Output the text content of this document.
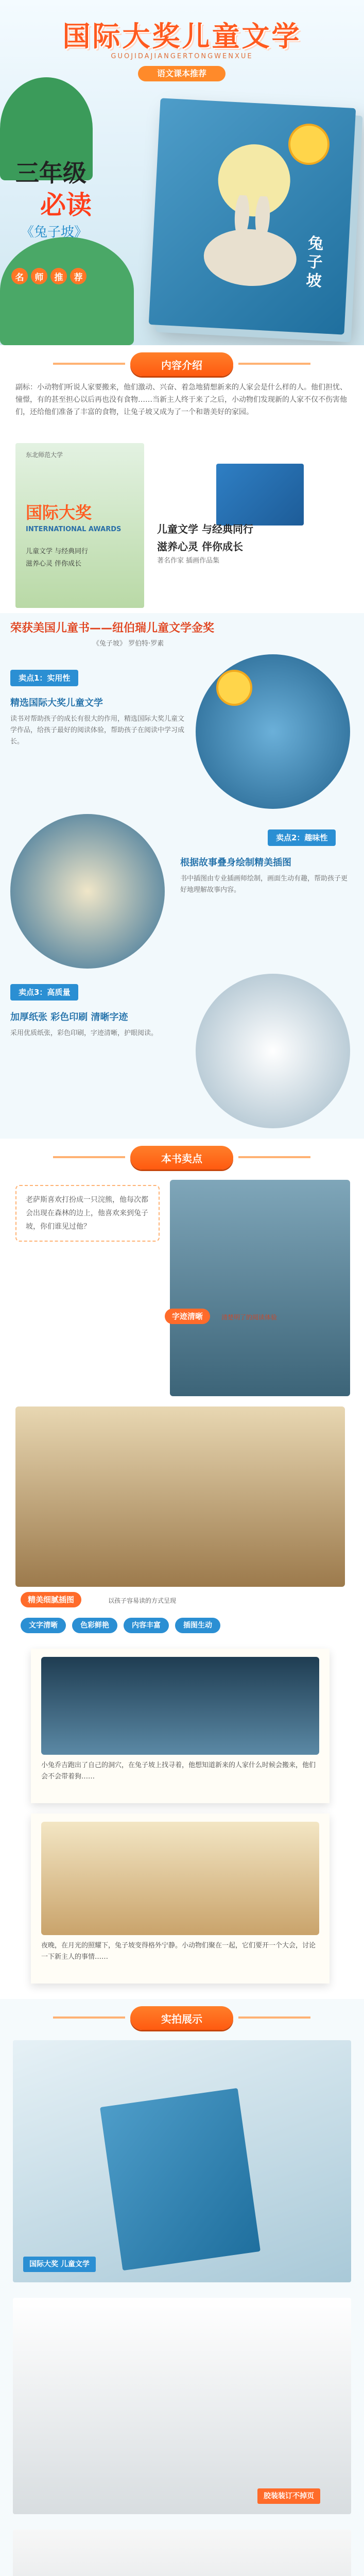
国际大奖儿童文学
GUOJIDAJIANGERTONGWENXUE
语文课本推荐
三年级
必读
《兔子坡》
名	师	推	荐	兔子坡
内容介绍
副标：小动物们听说人家要搬来，他们激动、兴奋、着急地猜想新来的人家会是什么样的人。他们担忧、憧憬，有的甚至担心以后再也没有食物……当新主人终于来了之后，小动物们发现新的人家不仅不伤害他们，还给他们准备了丰富的食物，让兔子坡又成为了一个和谐美好的家园。
国际大奖
INTERNATIONAL AWARDS
儿童文学 与经典同行
滋养心灵 伴你成长
东北师范大学
儿童文学 与经典同行
滋养心灵 伴你成长
著名作家 插画作品集
荣获美国儿童书——纽伯瑞儿童文学金奖
《兔子坡》 罗伯特·罗素
卖点1：实用性
精选国际大奖儿童文学
读书对帮助孩子的成长有很大的作用，精选国际大奖儿童文学作品，给孩子最好的阅读体验，帮助孩子在阅读中学习成长。
卖点2：趣味性
根据故事叠身绘制精美插图
书中插图由专业插画师绘制，画面生动有趣，帮助孩子更好地理解故事内容。
卖点3：高质量
加厚纸张 彩色印刷 清晰字迹
采用优质纸张，彩色印刷，字迹清晰，护眼阅读。
本书卖点
老萨斯喜欢打扮成一只浣熊，他每次都会出现在森林的边上，他喜欢来到兔子坡，你们谁见过他？
字迹清晰	清楚明了的阅读体验
精美细腻插图	以孩子容易读的方式呈现
文字清晰	色彩鲜艳	内容丰富	插图生动
小兔乔吉跑出了自己的洞穴，在兔子坡上找寻着，他想知道新来的人家什么时候会搬来，他们会不会带着狗……
夜晚，在月光的照耀下，兔子坡变得格外宁静。小动物们聚在一起，它们要开一个大会，讨论一下新主人的事情……
实拍展示
国际大奖 儿童文学
胶装装订不掉页
